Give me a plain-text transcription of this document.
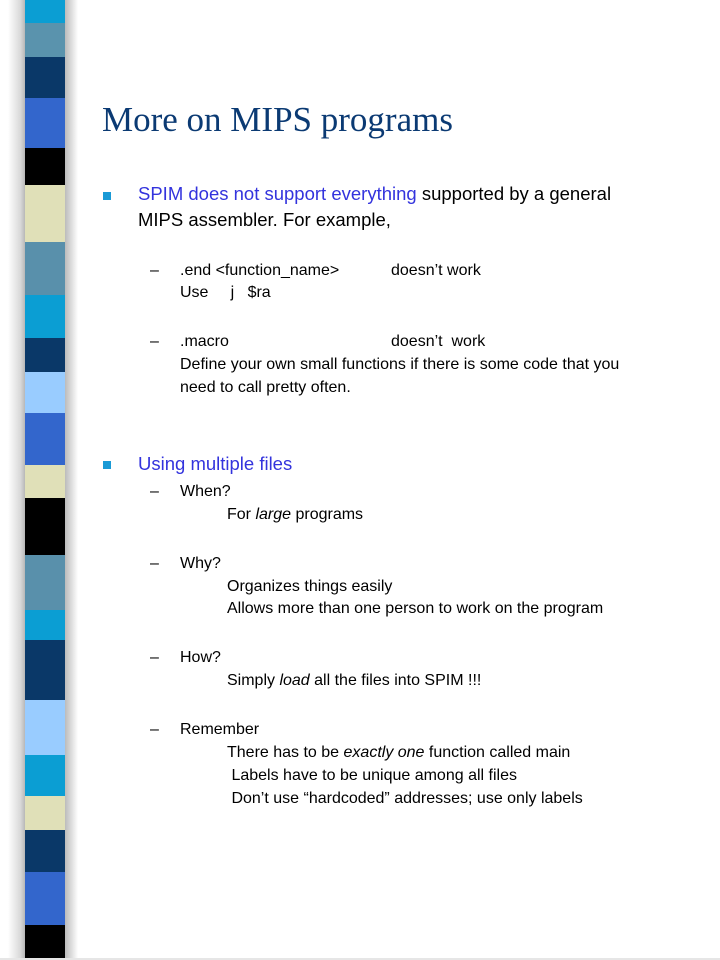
More on MIPS programs
SPIM does not support everything supported by a general
MIPS assembler. For example,
– .end <function_name>	doesn’t work
Use     j   $ra
– .macro	doesn’t  work
Define your own small functions if there is some code that you
need to call pretty often.
Using multiple files
– When?
For large programs
– Why?
Organizes things easily
Allows more than one person to work on the program
– How?
Simply load all the files into SPIM !!!
– Remember
There has to be exactly one function called main
Labels have to be unique among all files
Don’t use “hardcoded” addresses; use only labels
